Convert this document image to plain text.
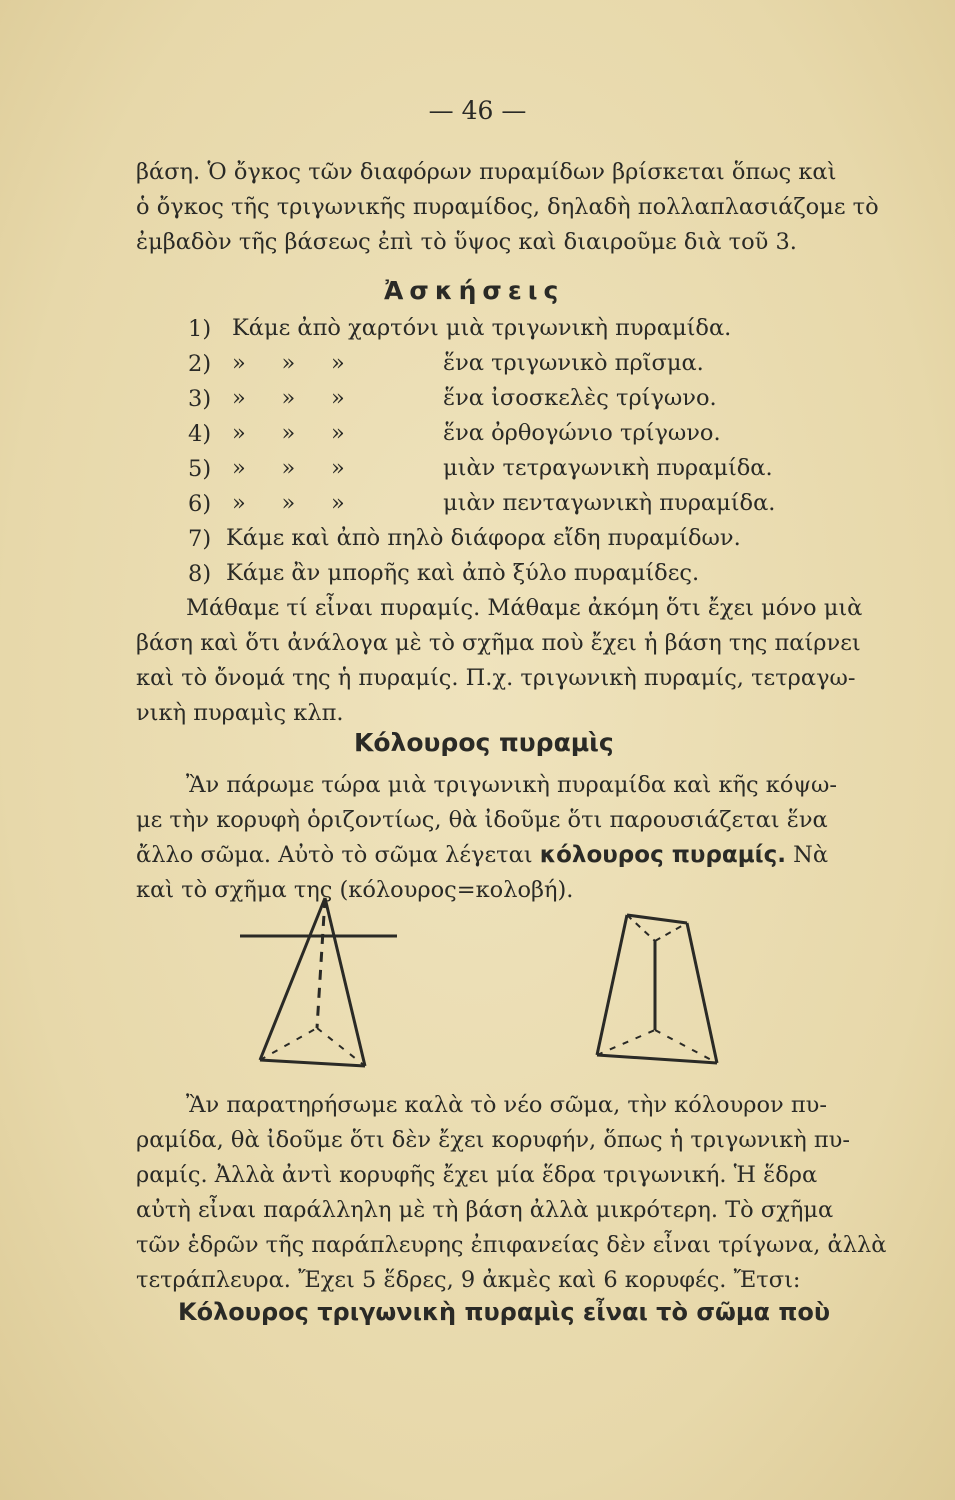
— 46 —
βάση. Ὁ ὄγκος τῶν διαφόρων πυραμίδων βρίσκεται ὅπως καὶ
ὁ ὄγκος τῆς τριγωνικῆς πυραμίδος, δηλαδὴ πολλαπλασιάζομε τὸ
ἐμβαδὸν τῆς βάσεως ἐπὶ τὸ ὕψος καὶ διαιροῦμε διὰ τοῦ 3.
Ἀσκήσεις
1) Κάμε ἀπὸ χαρτόνι μιὰ τριγωνικὴ πυραμίδα.
2) »     »     »	ἕνα τριγωνικὸ πρῖσμα.
3) »     »     »	ἕνα ἰσοσκελὲς τρίγωνο.
4) »     »     »	ἕνα ὀρθογώνιο τρίγωνο.
5) »     »     »	μιὰν τετραγωνικὴ πυραμίδα.
6) »     »     »	μιὰν πενταγωνικὴ πυραμίδα.
7) Κάμε καὶ ἀπὸ πηλὸ διάφορα εἴδη πυραμίδων.
8) Κάμε ἂν μπορῆς καὶ ἀπὸ ξύλο πυραμίδες.
Μάθαμε τί εἶναι πυραμίς. Μάθαμε ἀκόμη ὅτι ἔχει μόνο μιὰ
βάση καὶ ὅτι ἀνάλογα μὲ τὸ σχῆμα ποὺ ἔχει ἡ βάση της παίρνει
καὶ τὸ ὄνομά της ἡ πυραμίς. Π.χ. τριγωνικὴ πυραμίς, τετραγω-
νικὴ πυραμὶς κλπ.
Κόλουρος πυραμὶς
Ἂν πάρωμε τώρα μιὰ τριγωνικὴ πυραμίδα καὶ κῆς κόψω-
με τὴν κορυφὴ ὁριζοντίως, θὰ ἰδοῦμε ὅτι παρουσιάζεται ἕνα
ἄλλο σῶμα. Αὐτὸ τὸ σῶμα λέγεται κόλουρος πυραμίς. Νὰ
καὶ τὸ σχῆμα της (κόλουρος=κολοβή).
Ἂν παρατηρήσωμε καλὰ τὸ νέο σῶμα, τὴν κόλουρον πυ-
ραμίδα, θὰ ἰδοῦμε ὅτι δὲν ἔχει κορυφήν, ὅπως ἡ τριγωνικὴ πυ-
ραμίς. Ἀλλὰ ἀντὶ κορυφῆς ἔχει μία ἕδρα τριγωνική. Ἡ ἕδρα
αὐτὴ εἶναι παράλληλη μὲ τὴ βάση ἀλλὰ μικρότερη. Τὸ σχῆμα
τῶν ἑδρῶν τῆς παράπλευρης ἐπιφανείας δὲν εἶναι τρίγωνα, ἀλλὰ
τετράπλευρα. Ἔχει 5 ἕδρες, 9 ἀκμὲς καὶ 6 κορυφές. Ἔτσι:
Κόλουρος τριγωνικὴ πυραμὶς εἶναι τὸ σῶμα ποὺ
